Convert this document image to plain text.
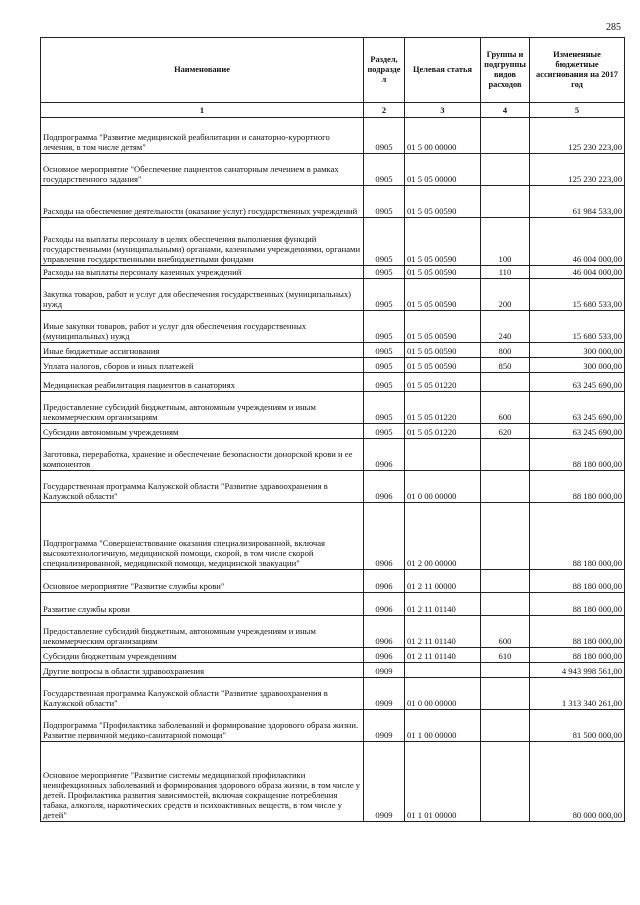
285
Наименование	Раздел, подразде л	Целевая статья	Группы и подгруппы видов расходов	Измененные бюджетные ассигнования на 2017 год
1	2	3	4	5
Подпрограмма "Развитие медицинской реабилитации и санаторно-курортного лечения, в том числе детям"	0905	01 5 00 00000		125 230 223,00
Основное мероприятие "Обеспечение пациентов санаторным лечением в рамках государственного задания"	0905	01 5 05 00000		125 230 223,00
Расходы на обеспечение деятельности (оказание услуг) государственных учреждений	0905	01 5 05 00590		61 984 533,00
Расходы на выплаты персоналу в целях обеспечения выполнения функций государственными (муниципальными) органами, казенными учреждениями, органами управления государственными внебюджетными фондами	0905	01 5 05 00590	100	46 004 000,00
Расходы на выплаты персоналу казенных учреждений	0905	01 5 05 00590	110	46 004 000,00
Закупка товаров, работ и услуг для обеспечения государственных (муниципальных) нужд	0905	01 5 05 00590	200	15 680 533,00
Иные закупки товаров, работ и услуг для обеспечения государственных (муниципальных) нужд	0905	01 5 05 00590	240	15 680 533,00
Иные бюджетные ассигнования	0905	01 5 05 00590	800	300 000,00
Уплата налогов, сборов и иных платежей	0905	01 5 05 00590	850	300 000,00
Медицинская реабилитация пациентов в санаториях	0905	01 5 05 01220		63 245 690,00
Предоставление субсидий бюджетным, автономным учреждениям и иным некоммерческим организациям	0905	01 5 05 01220	600	63 245 690,00
Субсидии автономным учреждениям	0905	01 5 05 01220	620	63 245 690,00
Заготовка, переработка, хранение и обеспечение безопасности донорской крови и ее компонентов	0906			88 180 000,00
Государственная программа Калужской области "Развитие здравоохранения в Калужской области"	0906	01 0 00 00000		88 180 000,00
Подпрограмма "Совершенствование оказания специализированной, включая высокотехнологичную, медицинской помощи, скорой, в том числе скорой специализированной, медицинской помощи, медицинской эвакуации"	0906	01 2 00 00000		88 180 000,00
Основное мероприятие "Развитие службы крови"	0906	01 2 11 00000		88 180 000,00
Развитие службы крови	0906	01 2 11 01140		88 180 000,00
Предоставление субсидий бюджетным, автономным учреждениям и иным некоммерческим организациям	0906	01 2 11 01140	600	88 180 000,00
Субсидии бюджетным учреждениям	0906	01 2 11 01140	610	88 180 000,00
Другие вопросы в области здравоохранения	0909			4 943 998 561,00
Государственная программа Калужской области "Развитие здравоохранения в Калужской области"	0909	01 0 00 00000		1 313 340 261,00
Подпрограмма "Профилактика заболеваний и формирование здорового образа жизни. Развитие первичной медико-санитарной помощи"	0909	01 1 00 00000		81 500 000,00
Основное мероприятие "Развитие системы медицинской профилактики неинфекционных заболеваний и формирования здорового образа жизни, в том числе у детей. Профилактика развития зависимостей, включая сокращение потребления табака, алкоголя, наркотических средств и психоактивных веществ, в том числе у детей"	0909	01 1 01 00000		80 000 000,00
